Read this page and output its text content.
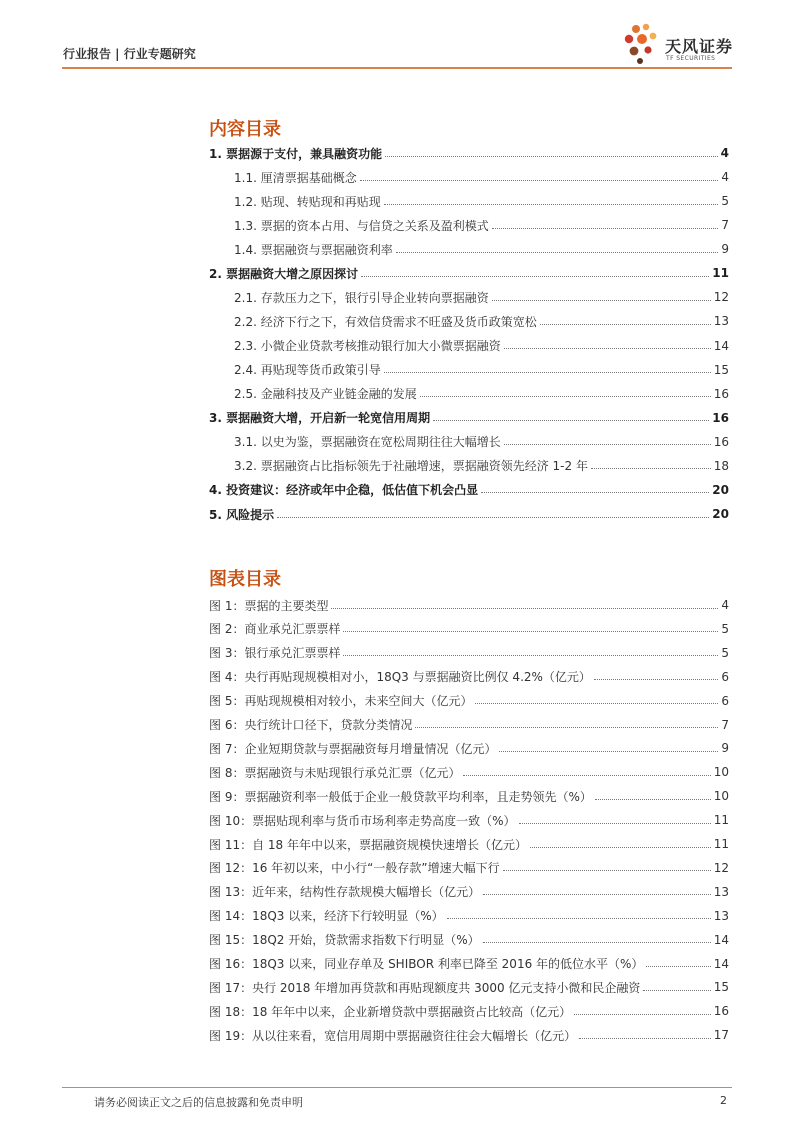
行业报告 | 行业专题研究	天风证券
TF SECURITIES
内容目录
1. 票据源于支付，兼具融资功能	4
1.1. 厘清票据基础概念	4
1.2. 贴现、转贴现和再贴现	5
1.3. 票据的资本占用、与信贷之关系及盈利模式	7
1.4. 票据融资与票据融资利率	9
2. 票据融资大增之原因探讨	11
2.1. 存款压力之下，银行引导企业转向票据融资	12
2.2. 经济下行之下，有效信贷需求不旺盛及货币政策宽松	13
2.3. 小微企业贷款考核推动银行加大小微票据融资	14
2.4. 再贴现等货币政策引导	15
2.5. 金融科技及产业链金融的发展	16
3. 票据融资大增，开启新一轮宽信用周期	16
3.1. 以史为鉴，票据融资在宽松周期往往大幅增长	16
3.2. 票据融资占比指标领先于社融增速，票据融资领先经济 1-2 年	18
4. 投资建议：经济或年中企稳，低估值下机会凸显	20
5. 风险提示	20
图表目录
图 1：票据的主要类型	4
图 2：商业承兑汇票票样	5
图 3：银行承兑汇票票样	5
图 4：央行再贴现规模相对小，18Q3 与票据融资比例仅 4.2%（亿元）	6
图 5：再贴现规模相对较小，未来空间大（亿元）	6
图 6：央行统计口径下，贷款分类情况	7
图 7：企业短期贷款与票据融资每月增量情况（亿元）	9
图 8：票据融资与未贴现银行承兑汇票（亿元）	10
图 9：票据融资利率一般低于企业一般贷款平均利率，且走势领先（%）	10
图 10：票据贴现利率与货币市场利率走势高度一致（%）	11
图 11：自 18 年年中以来，票据融资规模快速增长（亿元）	11
图 12：16 年初以来，中小行“一般存款”增速大幅下行	12
图 13：近年来，结构性存款规模大幅增长（亿元）	13
图 14：18Q3 以来，经济下行较明显（%）	13
图 15：18Q2 开始，贷款需求指数下行明显（%）	14
图 16：18Q3 以来，同业存单及 SHIBOR 利率已降至 2016 年的低位水平（%）	14
图 17：央行 2018 年增加再贷款和再贴现额度共 3000 亿元支持小微和民企融资	15
图 18：18 年年中以来，企业新增贷款中票据融资占比较高（亿元）	16
图 19：从以往来看，宽信用周期中票据融资往往会大幅增长（亿元）	17
请务必阅读正文之后的信息披露和免责申明	2
